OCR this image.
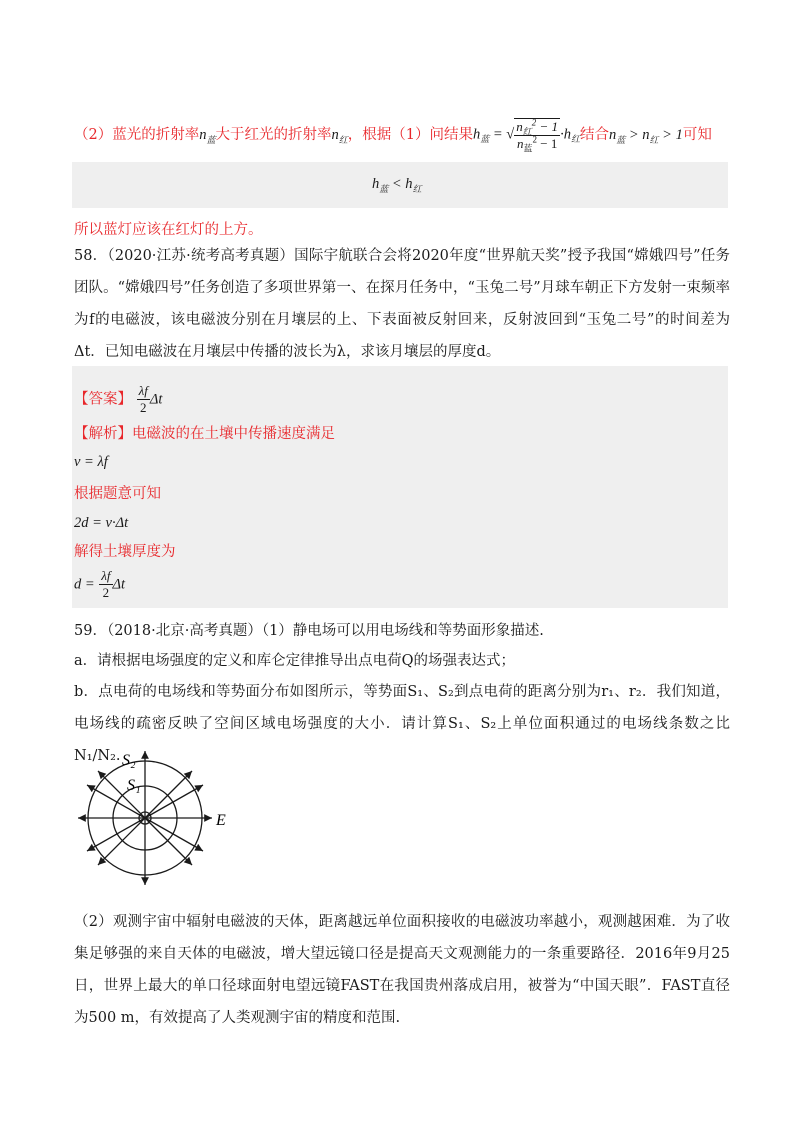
（2）蓝光的折射率$n_蓝$大于红光的折射率$n_红$，根据（1）问结果$h_蓝$ = √ $\frac{n_红^2 - 1}{n_蓝^2 - 1} \cdot h_红$结合$n_蓝 > n_红 > 1$可知
$h_蓝 < h_红$
所以蓝灯应该在红灯的上方。
58．（2020·江苏·统考高考真题）国际宇航联合会将2020年度“世界航天奖”授予我国“嫦娥四号”任务团队。“嫦娥四号”任务创造了多项世界第一、在探月任务中，“玉兔二号”月球车朝正下方发射一束频率为f的电磁波，该电磁波分别在月壤层的上、下表面被反射回来，反射波回到“玉兔二号”的时间差为Δt．已知电磁波在月壤层中传播的波长为λ，求该月壤层的厚度d。
【答案】 $\frac{\lambda f}{2}$ Δt
【解析】电磁波的在土壤中传播速度满足
v = λf
根据题意可知
2d = v·Δt
解得土壤厚度为
$d = \frac{\lambda f}{2}$ Δt
59．（2018·北京·高考真题）（1）静电场可以用电场线和等势面形象描述.
a．请根据电场强度的定义和库仑定律推导出点电荷Q的场强表达式；
b．点电荷的电场线和等势面分布如图所示，等势面S₁、S₂到点电荷的距离分别为r₁、r₂．我们知道，电场线的疏密反映了空间区域电场强度的大小．请计算S₁、S₂上单位面积通过的电场线条数之比N₁/N₂. S₂
S₁
E
（2）观测宇宙中辐射电磁波的天体，距离越远单位面积接收的电磁波功率越小，观测越困难．为了收集足够强的来自天体的电磁波，增大望远镜口径是提高天文观测能力的一条重要路径．2016年9月25日，世界上最大的单口径球面射电望远镜FAST在我国贵州落成启用，被誉为“中国天眼”．FAST直径为500 m，有效提高了人类观测宇宙的精度和范围.
